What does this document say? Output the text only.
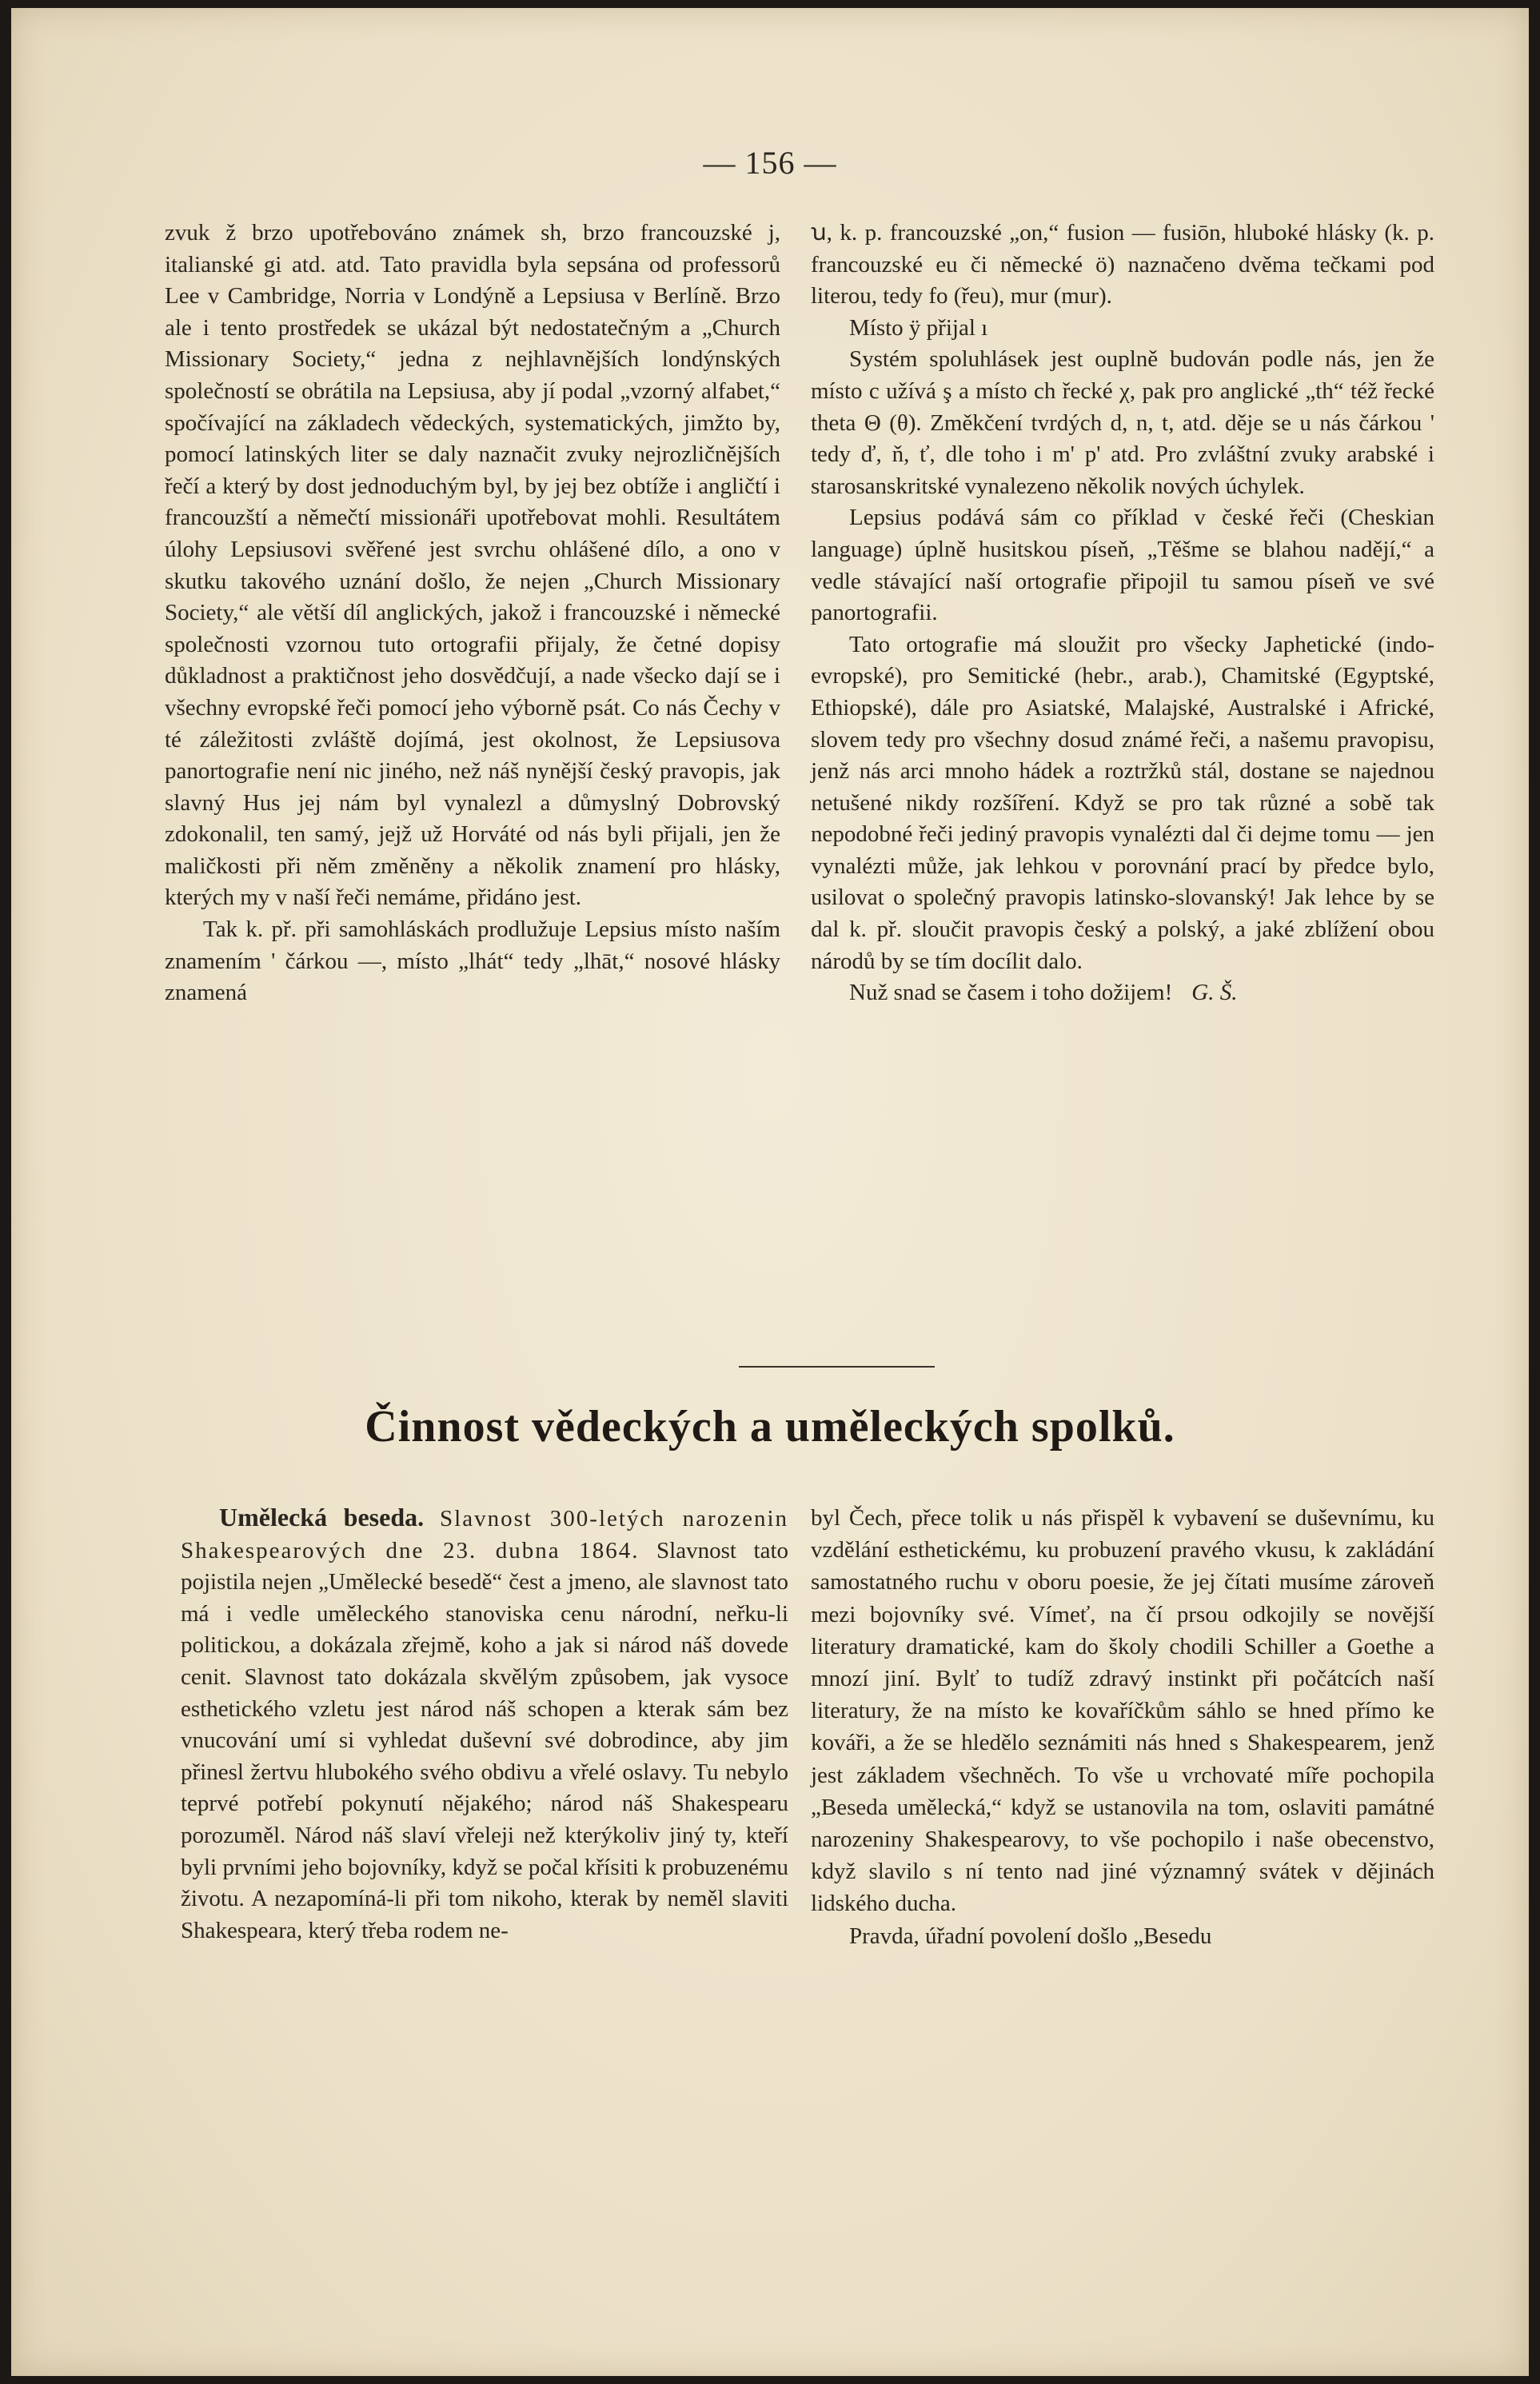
— 156 —

zvuk ž brzo upotřebováno známek sh, brzo francouzské j, italianské gi atd. atd. Tato pravidla byla sepsána od professorů Lee v Cambridge, Norria v Londýně a Lepsiusa v Berlíně. Brzo ale i tento prostředek se ukázal být nedostatečným a „Church Missionary Society,“ jedna z nejhlavnějších londýnských společností se obrátila na Lepsiusa, aby jí podal „vzorný alfabet,“ spočívající na základech vědeckých, systematických, jimžto by, pomocí latinských liter se daly naznačit zvuky nejrozličnějších řečí a který by dost jednoduchým byl, by jej bez obtíže i angličtí i francouzští a němečtí missionáři upotřebovat mohli. Resultátem úlohy Lepsiusovi svěřené jest svrchu ohlášené dílo, a ono v skutku takového uznání došlo, že nejen „Church Missionary Society,“ ale větší díl anglických, jakož i francouzské i německé společnosti vzornou tuto ortografii přijaly, že četné dopisy důkladnost a praktičnost jeho dosvědčují, a nade všecko dají se i všechny evropské řeči pomocí jeho výborně psát. Co nás Čechy v té záležitosti zvláště dojímá, jest okolnost, že Lepsiusova panortografie není nic jiného, než náš nynější český pravopis, jak slavný Hus jej nám byl vynalezl a důmyslný Dobrovský zdokonalil, ten samý, jejž už Horváté od nás byli přijali, jen že maličkosti při něm změněny a několik znamení pro hlásky, kterých my v naší řeči nemáme, přidáno jest.

Tak k. př. při samohláskách prodlužuje Lepsius místo naším znamením ' čárkou —, místo „lhát“ tedy „lhāt,“ nosové hlásky znamená

ꭒ, k. p. francouzské „on,“ fusion — fusiōn, hluboké hlásky (k. p. francouzské eu či německé ö) naznačeno dvěma tečkami pod literou, tedy fo (řeu), mur (mur).

Místo ÿ přijal ı

Systém spoluhlásek jest ouplně budován podle nás, jen že místo c užívá ş a místo ch řecké χ, pak pro anglické „th“ též řecké theta Θ (θ). Změkčení tvrdých d, n, t, atd. děje se u nás čárkou ' tedy ď, ň, ť, dle toho i m' p' atd. Pro zvláštní zvuky arabské i starosanskritské vynalezeno několik nových úchylek.

Lepsius podává sám co příklad v české řeči (Cheskian language) úplně husitskou píseň, „Těšme se blahou nadějí,“ a vedle stávající naší ortografie připojil tu samou píseň ve své panortografii.

Tato ortografie má sloužit pro všecky Japhetické (indo-evropské), pro Semitické (hebr., arab.), Chamitské (Egyptské, Ethiopské), dále pro Asiatské, Malajské, Australské i Africké, slovem tedy pro všechny dosud známé řeči, a našemu pravopisu, jenž nás arci mnoho hádek a roztržků stál, dostane se najednou netušené nikdy rozšíření. Když se pro tak různé a sobě tak nepodobné řeči jediný pravopis vynalézti dal či dejme tomu — jen vynalézti může, jak lehkou v porovnání prací by předce bylo, usilovat o společný pravopis latinsko-slovanský! Jak lehce by se dal k. př. sloučit pravopis český a polský, a jaké zblížení obou národů by se tím docílit dalo.

Nuž snad se časem i toho dožijem! G. Š.

Činnost vědeckých a uměleckých spolků.

Umělecká beseda. Slavnost 300-letých narozenin Shakespearových dne 23. dubna 1864. Slavnost tato pojistila nejen „Umělecké besedě“ čest a jmeno, ale slavnost tato má i vedle uměleckého stanoviska cenu národní, neřku-li politickou, a dokázala zřejmě, koho a jak si národ náš dovede cenit. Slavnost tato dokázala skvělým způsobem, jak vysoce esthetického vzletu jest národ náš schopen a kterak sám bez vnucování umí si vyhledat duševní své dobrodince, aby jim přinesl žertvu hlubokého svého obdivu a vřelé oslavy. Tu nebylo teprvé potřebí pokynutí nějakého; národ náš Shakespearu porozuměl. Národ náš slaví vřeleji než kterýkoliv jiný ty, kteří byli prvními jeho bojovníky, když se počal křísiti k probuzenému životu. A nezapomíná-li při tom nikoho, kterak by neměl slaviti Shakespeara, který třeba rodem ne-

byl Čech, přece tolik u nás přispěl k vybavení se duševnímu, ku vzdělání esthetickému, ku probuzení pravého vkusu, k zakládání samostatného ruchu v oboru poesie, že jej čítati musíme zároveň mezi bojovníky své. Vímeť, na čí prsou odkojily se novější literatury dramatické, kam do školy chodili Schiller a Goethe a mnozí jiní. Bylť to tudíž zdravý instinkt při počátcích naší literatury, že na místo ke kovaříčkům sáhlo se hned přímo ke kováři, a že se hledělo seznámiti nás hned s Shakespearem, jenž jest základem všechněch. To vše u vrchovaté míře pochopila „Beseda umělecká,“ když se ustanovila na tom, oslaviti památné narozeniny Shakespearovy, to vše pochopilo i naše obecenstvo, když slavilo s ní tento nad jiné významný svátek v dějinách lidského ducha.

Pravda, úřadní povolení došlo „Besedu
